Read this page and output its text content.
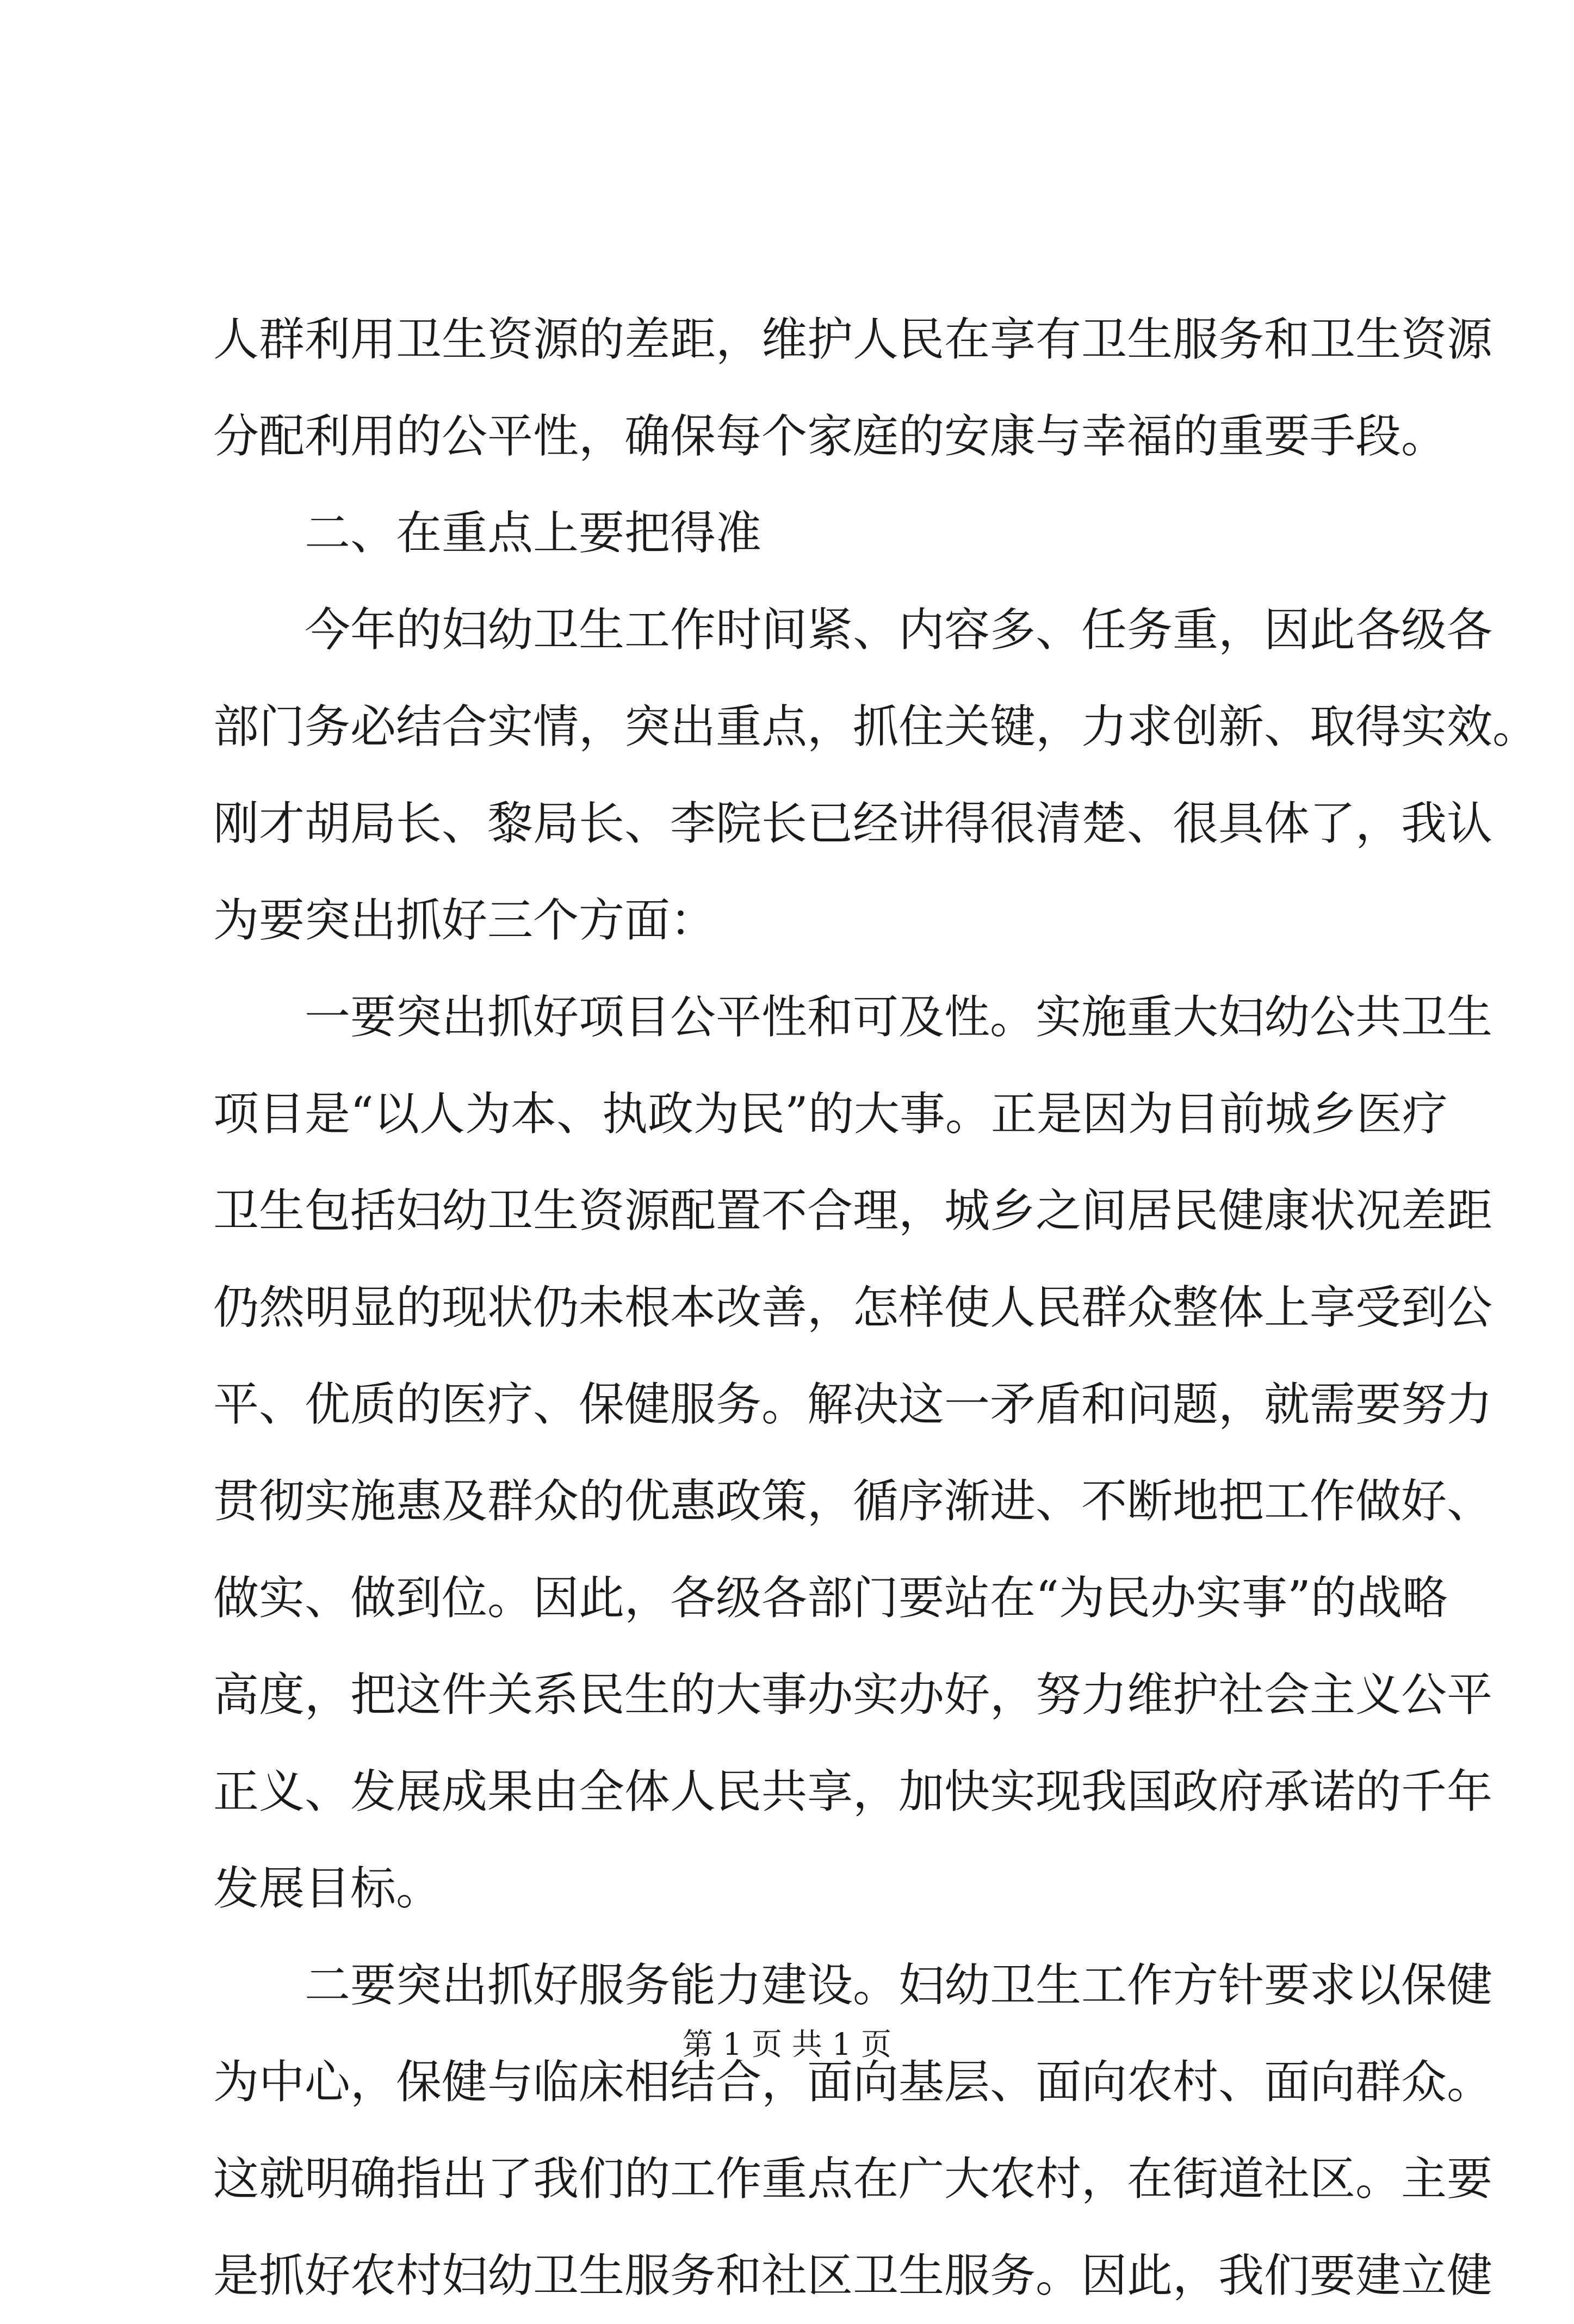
人群利用卫生资源的差距，维护人民在享有卫生服务和卫生资源
分配利用的公平性，确保每个家庭的安康与幸福的重要手段。
二、在重点上要把得准
今年的妇幼卫生工作时间紧、内容多、任务重，因此各级各
部门务必结合实情，突出重点，抓住关键，力求创新、取得实效。
刚才胡局长、黎局长、李院长已经讲得很清楚、很具体了，我认
为要突出抓好三个方面：
一要突出抓好项目公平性和可及性。实施重大妇幼公共卫生
项目是“以人为本、执政为民”的大事。正是因为目前城乡医疗
卫生包括妇幼卫生资源配置不合理，城乡之间居民健康状况差距
仍然明显的现状仍未根本改善，怎样使人民群众整体上享受到公
平、优质的医疗、保健服务。解决这一矛盾和问题，就需要努力
贯彻实施惠及群众的优惠政策，循序渐进、不断地把工作做好、
做实、做到位。因此，各级各部门要站在“为民办实事”的战略
高度，把这件关系民生的大事办实办好，努力维护社会主义公平
正义、发展成果由全体人民共享，加快实现我国政府承诺的千年
发展目标。
二要突出抓好服务能力建设。妇幼卫生工作方针要求以保健
为中心，保健与临床相结合，面向基层、面向农村、面向群众。
这就明确指出了我们的工作重点在广大农村，在街道社区。主要
是抓好农村妇幼卫生服务和社区卫生服务。因此，我们要建立健
第 1 页 共 1 页
